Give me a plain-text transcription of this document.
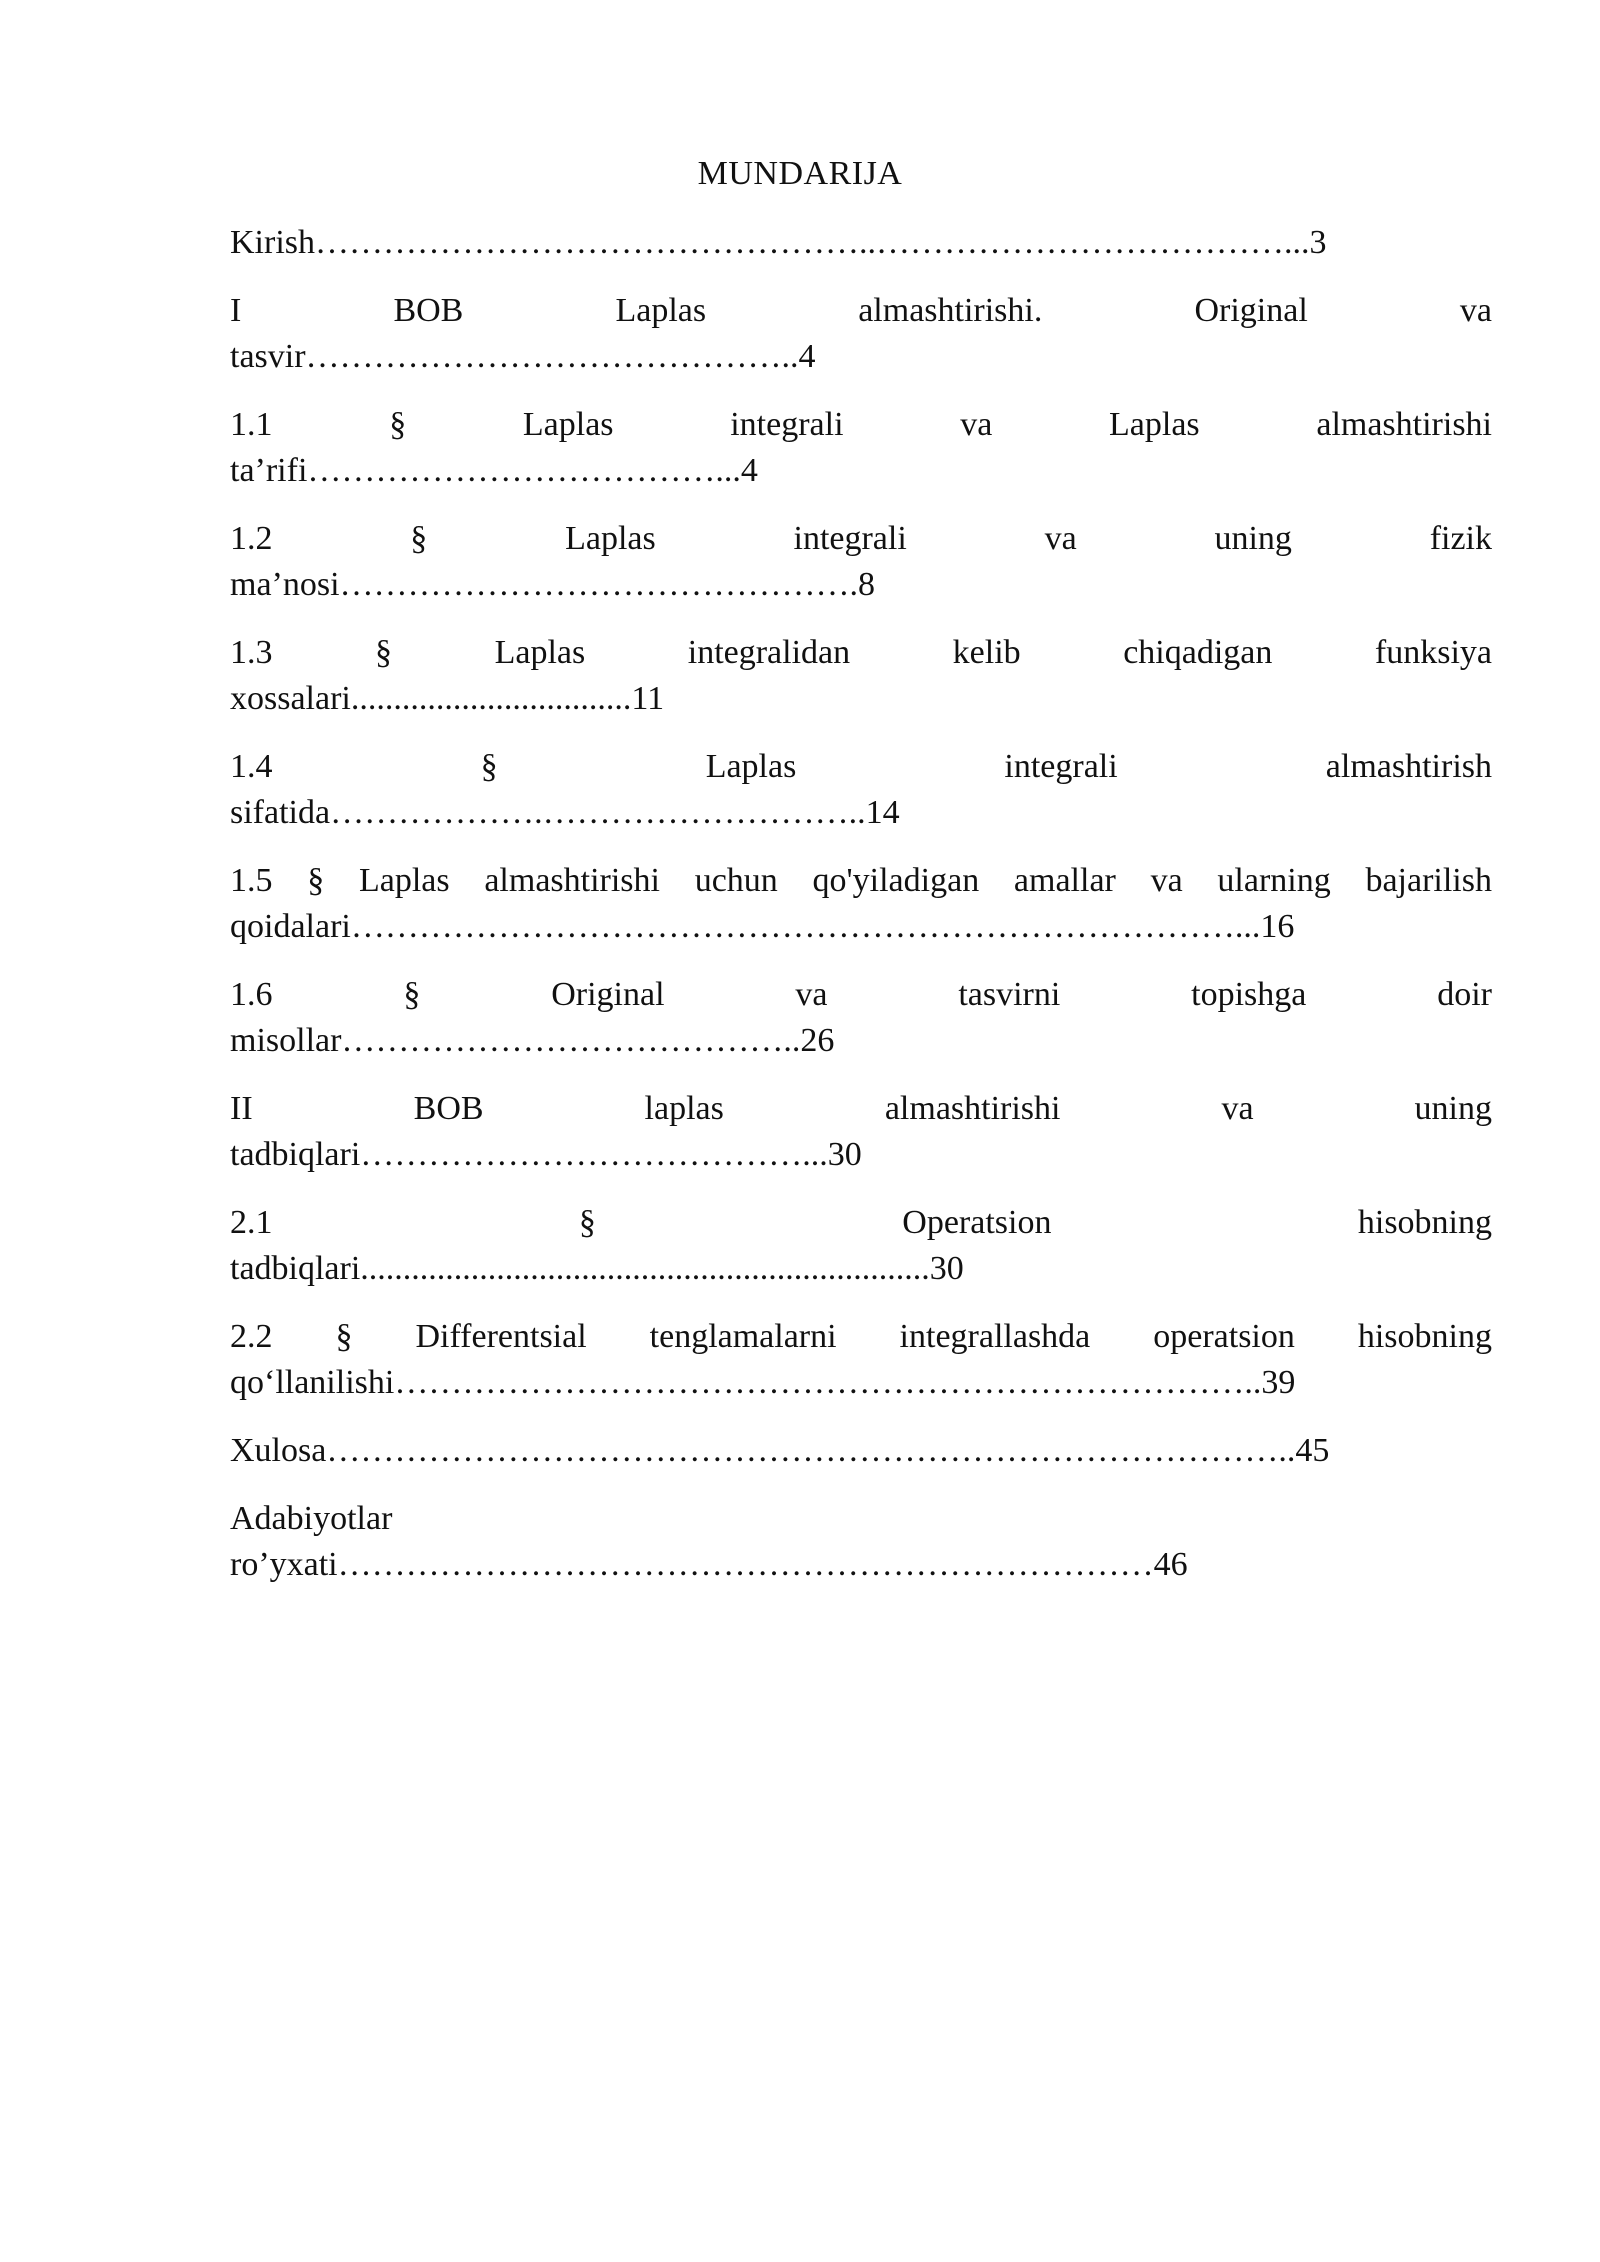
MUNDARIJA
Kirish…………………………………………..………………………………...3
I BOB Laplas almashtirishi. Original va
tasvir……………………………………..4
1.1 § Laplas integrali va Laplas almashtirishi
ta’rifi………………………………...4
1.2 § Laplas integrali va uning fizik
ma’nosi……………………………………….8
1.3 § Laplas integralidan kelib chiqadigan funksiya
xossalari.................................11
1.4 § Laplas integrali almashtirish
sifatida……………….………………………..14
1.5 § Laplas almashtirishi uchun qo'yiladigan amallar va ularning bajarilish
qoidalari……………………………………………………………………...16
1.6 § Original va tasvirni topishga doir
misollar…………………………………..26
II BOB laplas almashtirishi va uning
tadbiqlari…………………………………...30
2.1 § Operatsion hisobning
tadbiqlari...................................................................30
2.2 § Differentsial tenglamalarni integrallashda operatsion hisobning
qo‘llanilishi…………………………………………………………………..39
Xulosa…………………………………………………………………………..45
Adabiyotlar
ro’yxati………………………………………………………………46
